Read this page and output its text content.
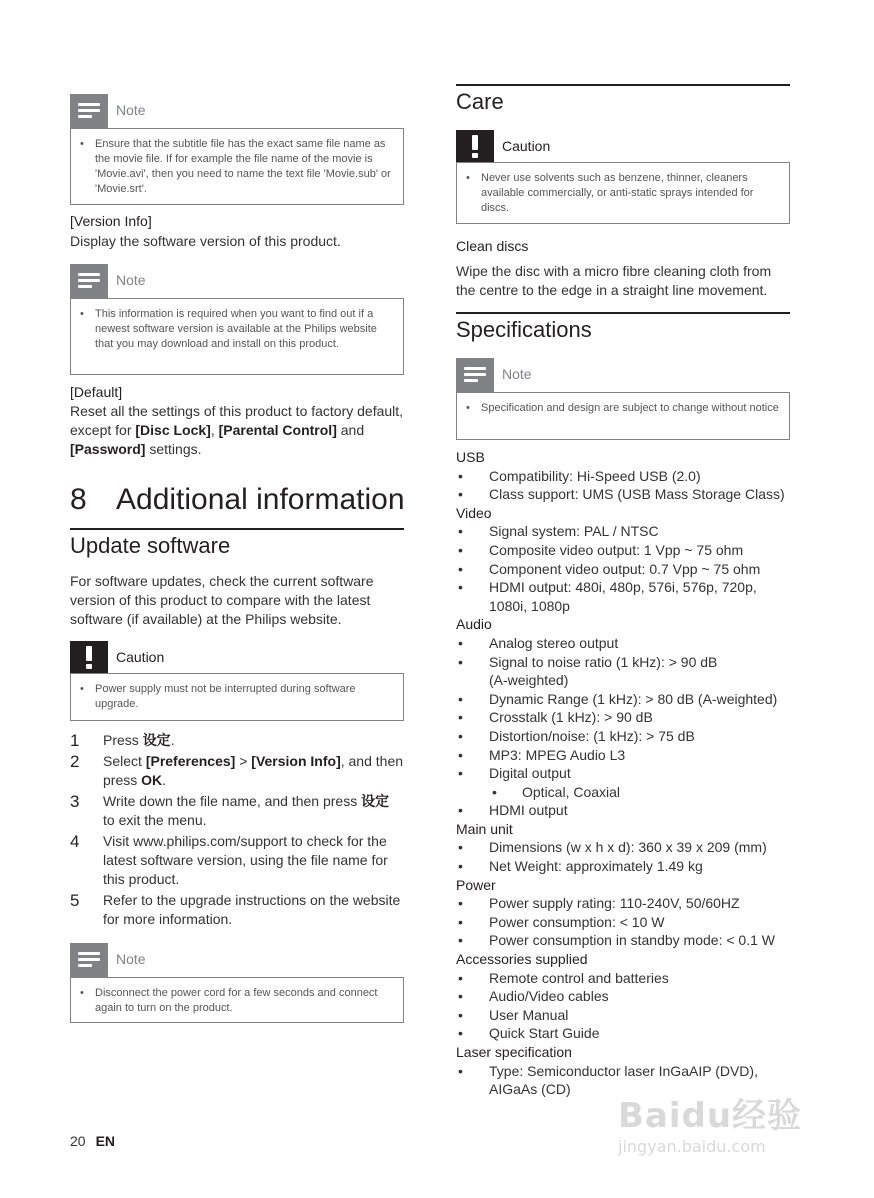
Note
• Ensure that the subtitle file has the exact same file name as the movie file. If for example the file name of the movie is 'Movie.avi', then you need to name the text file 'Movie.sub' or 'Movie.srt'.
[Version Info]
Display the software version of this product.
Note
• This information is required when you want to find out if a newest software version is available at the Philips website that you may download and install on this product.
[Default]
Reset all the settings of this product to factory default, except for [Disc Lock], [Parental Control] and [Password] settings.
8 Additional information
Update software
For software updates, check the current software version of this product to compare with the latest software (if available) at the Philips website.
Caution
• Power supply must not be interrupted during software upgrade.
1 Press 设定.
2 Select [Preferences] > [Version Info], and then press OK.
3 Write down the file name, and then press 设定 to exit the menu.
4 Visit www.philips.com/support to check for the latest software version, using the file name for this product.
5 Refer to the upgrade instructions on the website for more information.
Note
• Disconnect the power cord for a few seconds and connect again to turn on the product.
Care
Caution
• Never use solvents such as benzene, thinner, cleaners available commercially, or anti-static sprays intended for discs.
Clean discs
Wipe the disc with a micro fibre cleaning cloth from the centre to the edge in a straight line movement.
Specifications
Note
• Specification and design are subject to change without notice
USB
• Compatibility: Hi-Speed USB (2.0)
• Class support: UMS (USB Mass Storage Class)
Video
• Signal system: PAL / NTSC
• Composite video output: 1 Vpp ~ 75 ohm
• Component video output: 0.7 Vpp ~ 75 ohm
• HDMI output: 480i, 480p, 576i, 576p, 720p, 1080i, 1080p
Audio
• Analog stereo output
• Signal to noise ratio (1 kHz): > 90 dB (A-weighted)
• Dynamic Range (1 kHz): > 80 dB (A-weighted)
• Crosstalk (1 kHz): > 90 dB
• Distortion/noise: (1 kHz): > 75 dB
• MP3: MPEG Audio L3
• Digital output
• Optical, Coaxial
• HDMI output
Main unit
• Dimensions (w x h x d): 360 x 39 x 209 (mm)
• Net Weight: approximately 1.49 kg
Power
• Power supply rating: 110-240V, 50/60HZ
• Power consumption: < 10 W
• Power consumption in standby mode: < 0.1 W
Accessories supplied
• Remote control and batteries
• Audio/Video cables
• User Manual
• Quick Start Guide
Laser specification
• Type: Semiconductor laser InGaAIP (DVD), AIGaAs (CD)
20 EN
Baidu经验
jingyan.baidu.com
